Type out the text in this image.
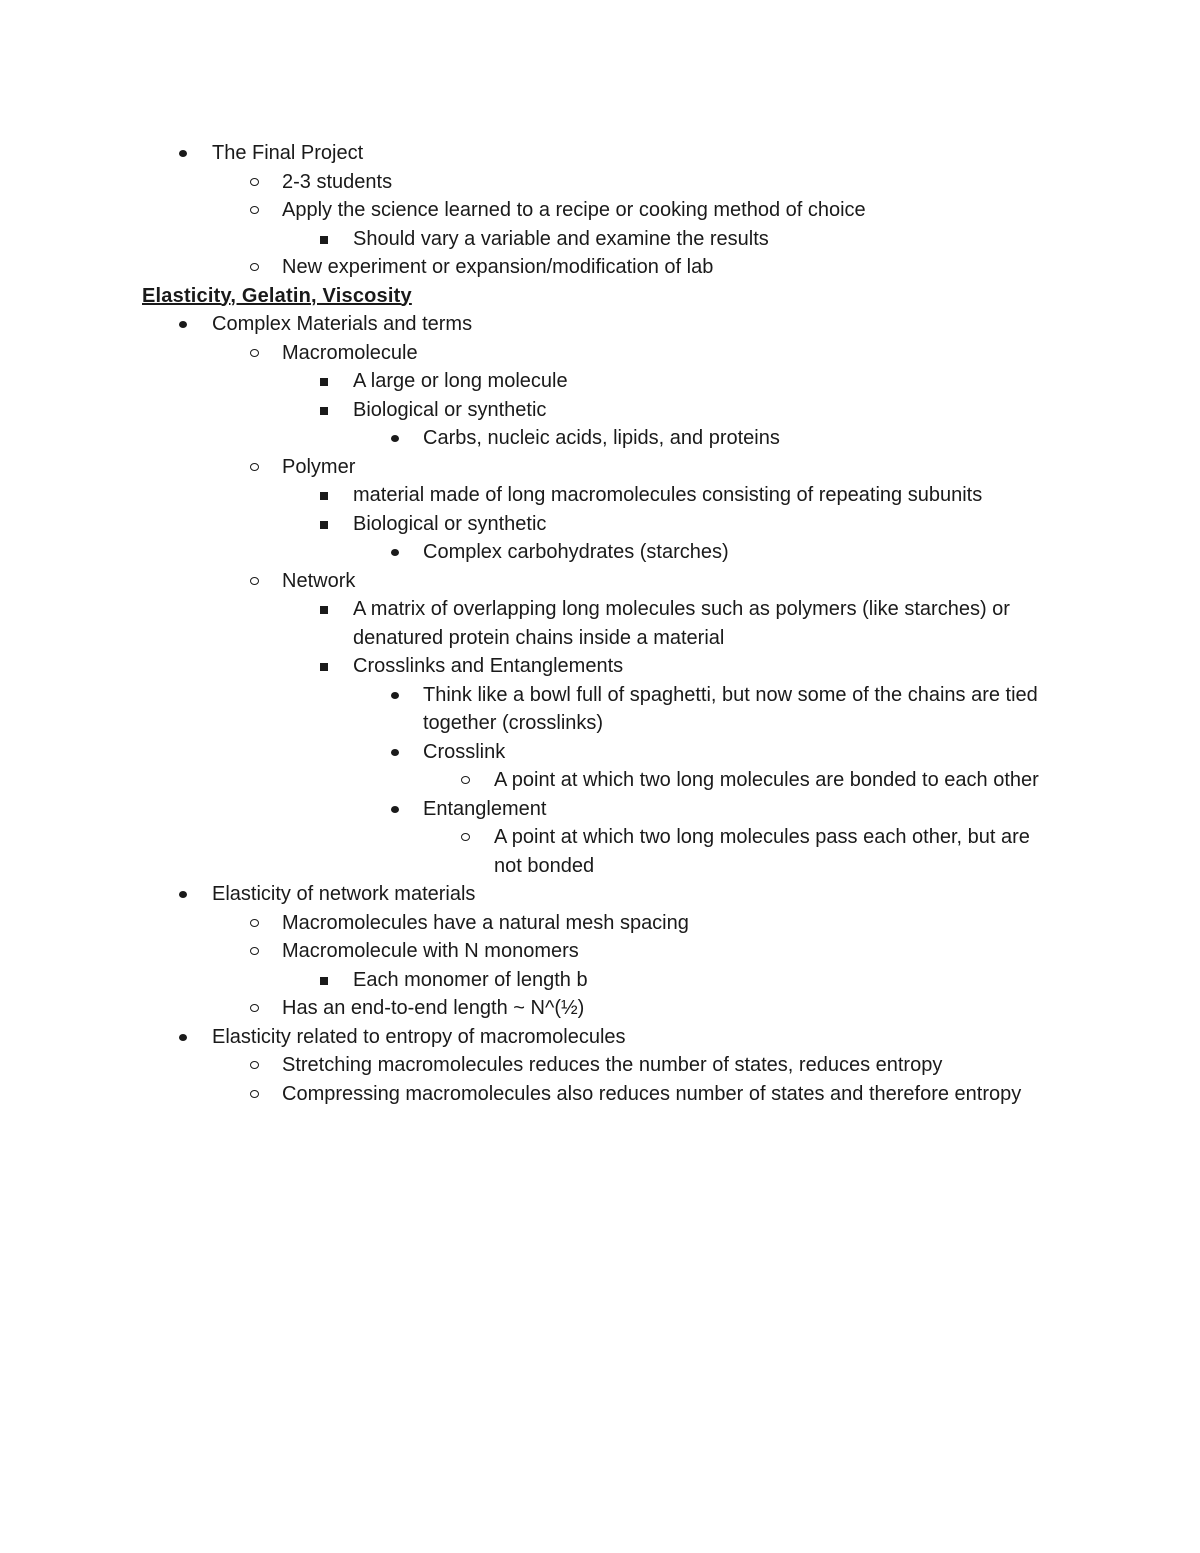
The Final Project
2-3 students
Apply the science learned to a recipe or cooking method of choice
Should vary a variable and examine the results
New experiment or expansion/modification of lab
Elasticity, Gelatin, Viscosity
Complex Materials and terms
Macromolecule
A large or long molecule
Biological or synthetic
Carbs, nucleic acids, lipids, and proteins
Polymer
material made of long macromolecules consisting of repeating subunits
Biological or synthetic
Complex carbohydrates (starches)
Network
A matrix of overlapping long molecules such as polymers (like starches) or denatured protein chains inside a material
Crosslinks and Entanglements
Think like a bowl full of spaghetti, but now some of the chains are tied together (crosslinks)
Crosslink
A point at which two long molecules are bonded to each other
Entanglement
A point at which two long molecules pass each other, but are not bonded
Elasticity of network materials
Macromolecules have a natural mesh spacing
Macromolecule with N monomers
Each monomer of length b
Has an end-to-end length ~ N^(½)
Elasticity related to entropy of macromolecules
Stretching macromolecules reduces the number of states, reduces entropy
Compressing macromolecules also reduces number of states and therefore entropy
